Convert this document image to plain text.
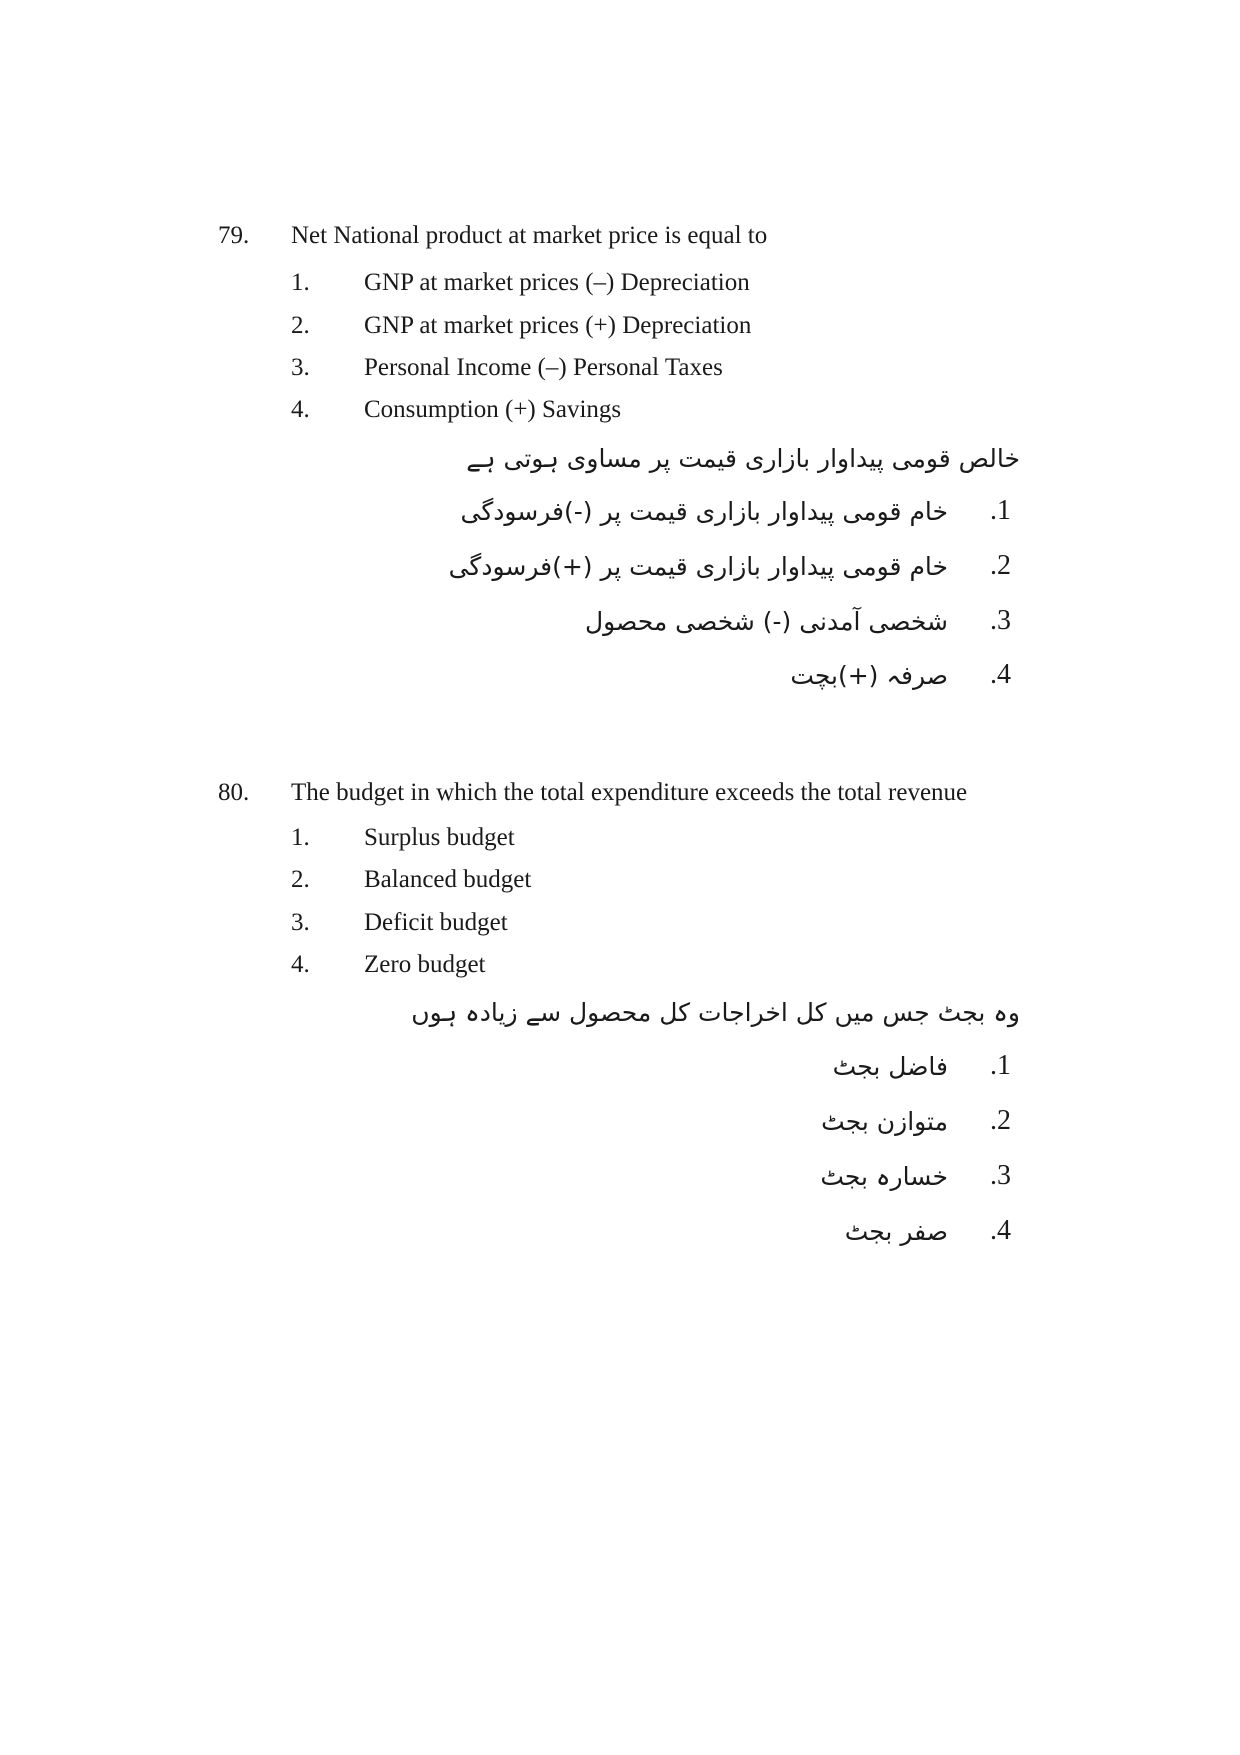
79. Net National product at market price is equal to
1. GNP at market prices (–) Depreciation
2. GNP at market prices (+) Depreciation
3. Personal Income (–) Personal Taxes
4. Consumption (+) Savings
خالص قومی پیداوار بازاری قیمت پر مساوی ہوتی ہے
.1
خام قومی پیداوار بازاری قیمت پر (-)فرسودگی
.2
خام قومی پیداوار بازاری قیمت پر (+)فرسودگی
.3
شخصی آمدنی (-) شخصی محصول
.4
صرفہ (+)بچت
80. The budget in which the total expenditure exceeds the total revenue
1. Surplus budget
2. Balanced budget
3. Deficit budget
4. Zero budget
وہ بجٹ جس میں کل اخراجات کل محصول سے زیادہ ہوں
.1
فاضل بجٹ
.2
متوازن بجٹ
.3
خسارہ بجٹ
.4
صفر بجٹ
